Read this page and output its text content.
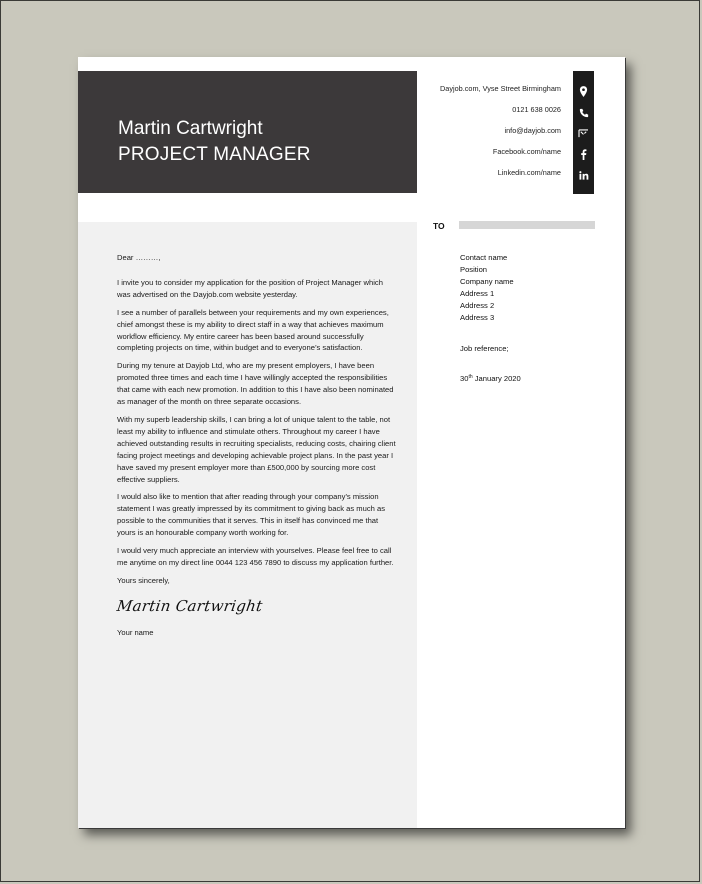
Martin Cartwright
PROJECT MANAGER
Dayjob.com, Vyse Street Birmingham
0121 638 0026
info@dayjob.com
Facebook.com/name
Linkedin.com/name

Dear ………,

I invite you to consider my application for the position of Project Manager which was advertised on the Dayjob.com website yesterday.

I see a number of parallels between your requirements and my own experiences, chief amongst these is my ability to direct staff in a way that achieves maximum workflow efficiency. My entire career has been based around successfully completing projects on time, within budget and to everyone’s satisfaction.

During my tenure at Dayjob Ltd, who are my present employers, I have been promoted three times and each time I have willingly accepted the responsibilities that came with each new promotion. In addition to this I have also been nominated as manager of the month on three separate occasions.

With my superb leadership skills, I can bring a lot of unique talent to the table, not least my ability to influence and stimulate others. Throughout my career I have achieved outstanding results in recruiting specialists, reducing costs, chairing client facing project meetings and developing achievable project plans. In the past year I have saved my present employer more than £500,000 by sourcing more cost effective suppliers.

I would also like to mention that after reading through your company’s mission statement I was greatly impressed by its commitment to giving back as much as possible to the communities that it serves. This in itself has convinced me that yours is an honourable company worth working for.

I would very much appreciate an interview with yourselves. Please feel free to call me anytime on my direct line 0044 123 456 7890 to discuss my application further.

Yours sincerely,

Martin Cartwright

Your name

TO
Contact name
Position
Company name
Address 1
Address 2
Address 3
Job reference;
30th January 2020
